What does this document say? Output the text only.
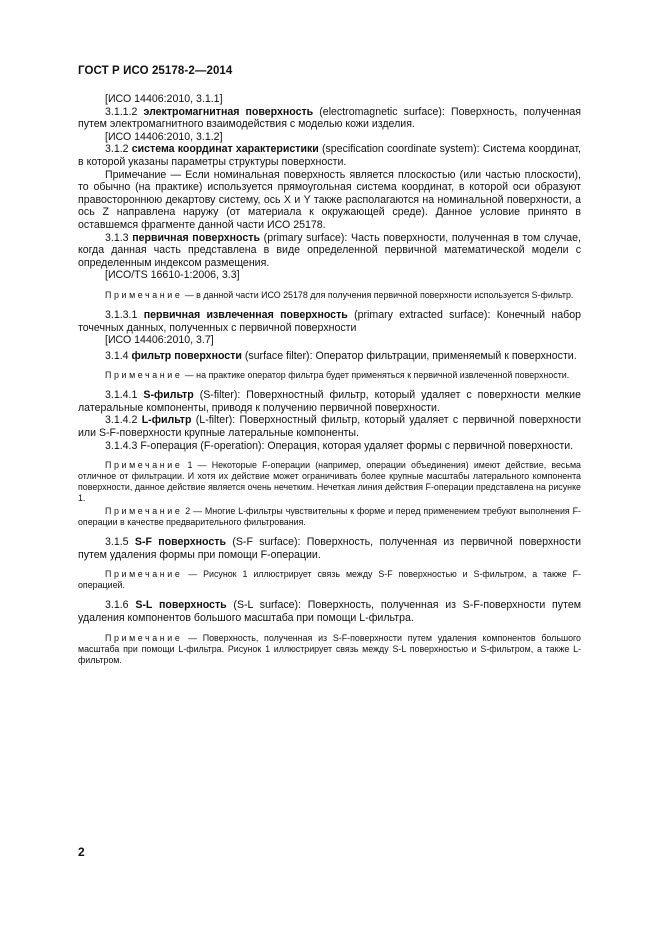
ГОСТ Р ИСО 25178-2—2014

[ИСО 14406:2010, 3.1.1]

3.1.1.2 электромагнитная поверхность (electromagnetic surface): Поверхность, полученная путем электромагнитного взаимодействия с моделью кожи изделия.

[ИСО 14406:2010, 3.1.2]

3.1.2 система координат характеристики (specification coordinate system): Система координат, в которой указаны параметры структуры поверхности.

Примечание — Если номинальная поверхность является плоскостью (или частью плоскости), то обычно (на практике) используется прямоугольная система координат, в которой оси образуют правостороннюю декартову систему, ось X и Y также располагаются на номинальной поверхности, а ось Z направлена наружу (от материала к окружающей среде). Данное условие принято в оставшемся фрагменте данной части ИСО 25178.

3.1.3 первичная поверхность (primary surface): Часть поверхности, полученная в том случае, когда данная часть представлена в виде определенной первичной математической модели с определенным индексом размещения.

[ИСО/TS 16610-1:2006, 3.3]

Примечание — в данной части ИСО 25178 для получения первичной поверхности используется S-фильтр.

3.1.3.1 первичная извлеченная поверхность (primary extracted surface): Конечный набор точечных данных, полученных с первичной поверхности

[ИСО 14406:2010, 3.7]

3.1.4 фильтр поверхности (surface filter): Оператор фильтрации, применяемый к поверхности.

Примечание — на практике оператор фильтра будет применяться к первичной извлеченной поверхности.

3.1.4.1 S-фильтр (S-filter): Поверхностный фильтр, который удаляет с поверхности мелкие латеральные компоненты, приводя к получению первичной поверхности.

3.1.4.2 L-фильтр (L-filter): Поверхностный фильтр, который удаляет с первичной поверхности или S-F-поверхности крупные латеральные компоненты.

3.1.4.3 F-операция (F-operation): Операция, которая удаляет формы с первичной поверхности.

Примечание 1 — Некоторые F-операции (например, операции объединения) имеют действие, весьма отличное от фильтрации. И хотя их действие может ограничивать более крупные масштабы латерального компонента поверхности, данное действие является очень нечетким. Нечеткая линия действия F-операции представлена на рисунке 1.

Примечание 2 — Многие L-фильтры чувствительны к форме и перед применением требуют выполнения F-операции в качестве предварительного фильтрования.

3.1.5 S-F поверхность (S-F surface): Поверхность, полученная из первичной поверхности путем удаления формы при помощи F-операции.

Примечание — Рисунок 1 иллюстрирует связь между S-F поверхностью и S-фильтром, а также F-операцией.

3.1.6 S-L поверхность (S-L surface): Поверхность, полученная из S-F-поверхности путем удаления компонентов большого масштаба при помощи L-фильтра.

Примечание — Поверхность, полученная из S-F-поверхности путем удаления компонентов большого масштаба при помощи L-фильтра. Рисунок 1 иллюстрирует связь между S-L поверхностью и S-фильтром, а также L-фильтром.

2
